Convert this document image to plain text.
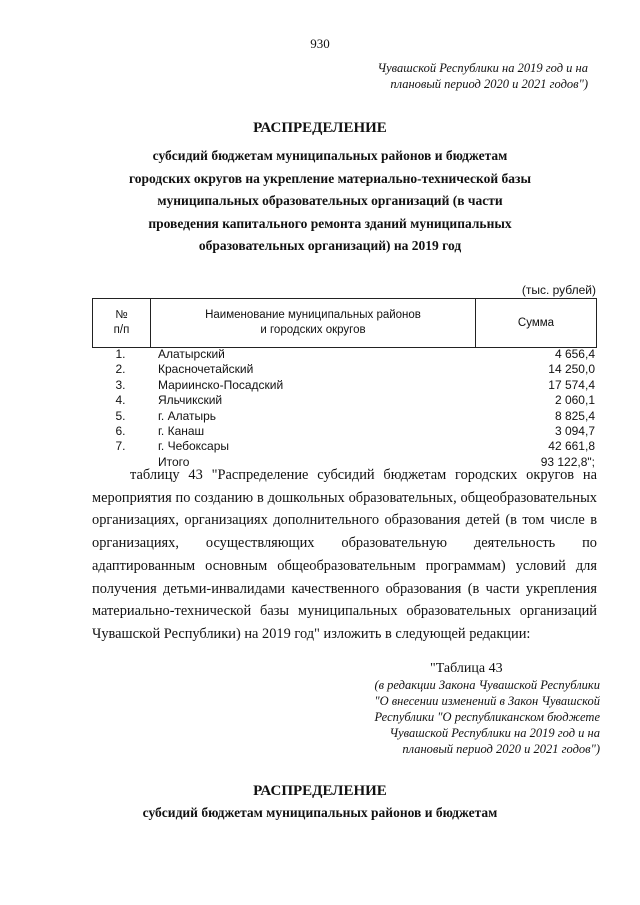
930
Чувашской Республики на 2019 год и на
плановый период 2020 и 2021 годов")
РАСПРЕДЕЛЕНИЕ
субсидий бюджетам муниципальных районов и бюджетам
городских округов на укрепление материально-технической базы
муниципальных образовательных организаций (в части
проведения капитального ремонта зданий муниципальных
образовательных организаций) на 2019 год
(тыс. рублей)
№
п/п

Наименование муниципальных районов
и городских округов
	Сумма
1.	Алатырский	4 656,4
2.	Красночетайский	14 250,0
3.	Мариинско-Посадский	17 574,4
4.	Яльчикский	2 060,1
5.	г. Алатырь	8 825,4
6.	г. Канаш	3 094,7
7.	г. Чебоксары	42 661,8
Итого	93 122,8";

таблицу 43 "Распределение субсидий бюджетам городских округов на мероприятия по созданию в дошкольных образовательных, общеобразовательных организациях, организациях дополнительного образования детей (в том числе в организациях, осуществляющих образовательную деятельность по адаптированным основным общеобразовательным программам) условий для получения детьми-инвалидами качественного образования (в части укрепления материально-технической базы муниципальных образовательных организаций Чувашской Республики) на 2019 год" изложить в следующей редакции:

"Таблица 43
(в редакции Закона Чувашской Республики
"О внесении изменений в Закон Чувашской
Республики "О республиканском бюджете
Чувашской Республики на 2019 год и на
плановый период 2020 и 2021 годов")
РАСПРЕДЕЛЕНИЕ
субсидий бюджетам муниципальных районов и бюджетам
